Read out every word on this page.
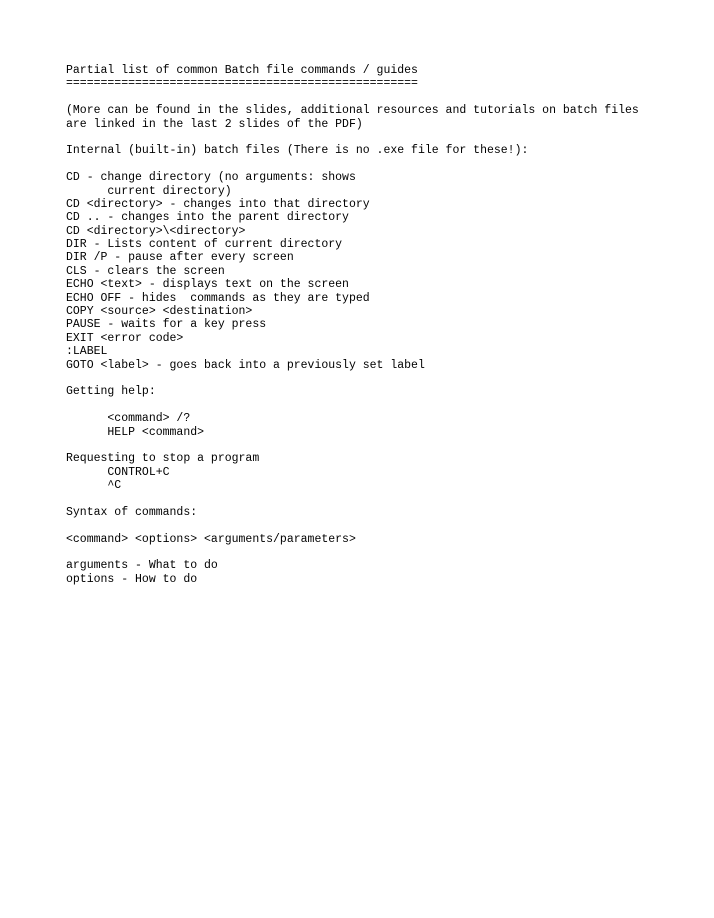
Partial list of common Batch file commands / guides
===================================================
(More can be found in the slides, additional resources and tutorials on batch files
are linked in the last 2 slides of the PDF)
Internal (built-in) batch files (There is no .exe file for these!):
CD - change directory (no arguments: shows
current directory)
CD <directory> - changes into that directory
CD .. - changes into the parent directory
CD <directory>\<directory>
DIR - Lists content of current directory
DIR /P - pause after every screen
CLS - clears the screen
ECHO <text> - displays text on the screen
ECHO OFF - hides  commands as they are typed
COPY <source> <destination>
PAUSE - waits for a key press
EXIT <error code>
:LABEL
GOTO <label> - goes back into a previously set label
Getting help:
<command> /?
HELP <command>
Requesting to stop a program
CONTROL+C
^C
Syntax of commands:
<command> <options> <arguments/parameters>
arguments - What to do
options - How to do
